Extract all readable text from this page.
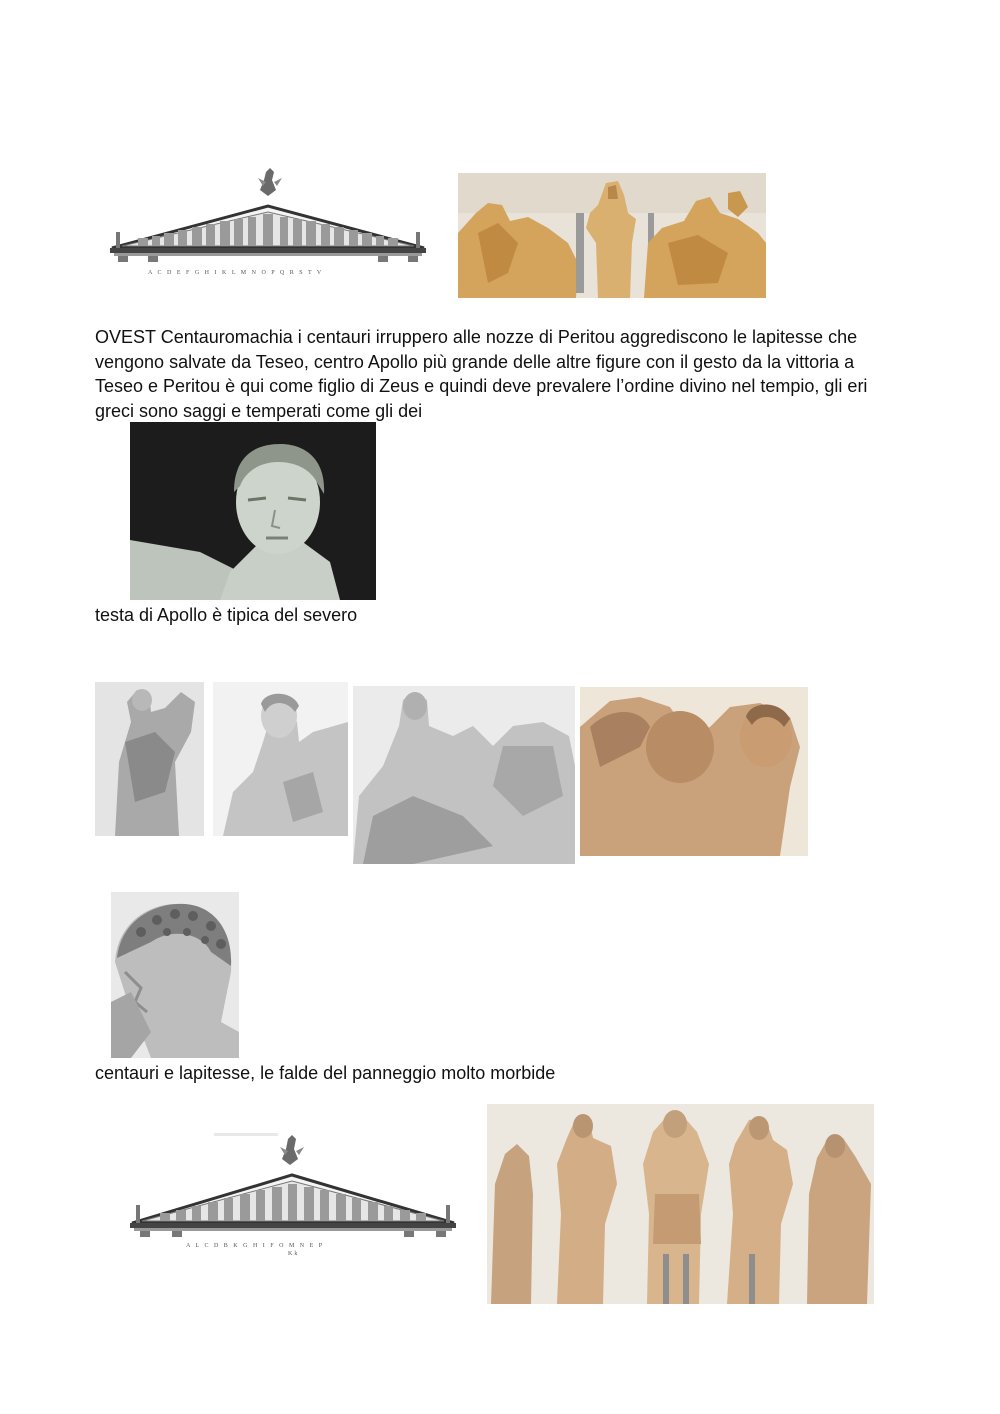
A C D E F G H I K L M N O P Q R S T V
OVEST Centauromachia i centauri irruppero alle nozze di Peritou aggrediscono le lapitesse che vengono salvate da Teseo, centro Apollo più grande delle altre figure con il gesto da la vittoria a Teseo e Peritou è qui come figlio di Zeus e quindi deve prevalere l’ordine divino nel tempio, gli eri greci sono saggi e temperati come gli dei
testa di Apollo è tipica del severo
centauri e lapitesse, le falde del panneggio molto morbide
A L C D B K G H I F O M N E P
Kk
